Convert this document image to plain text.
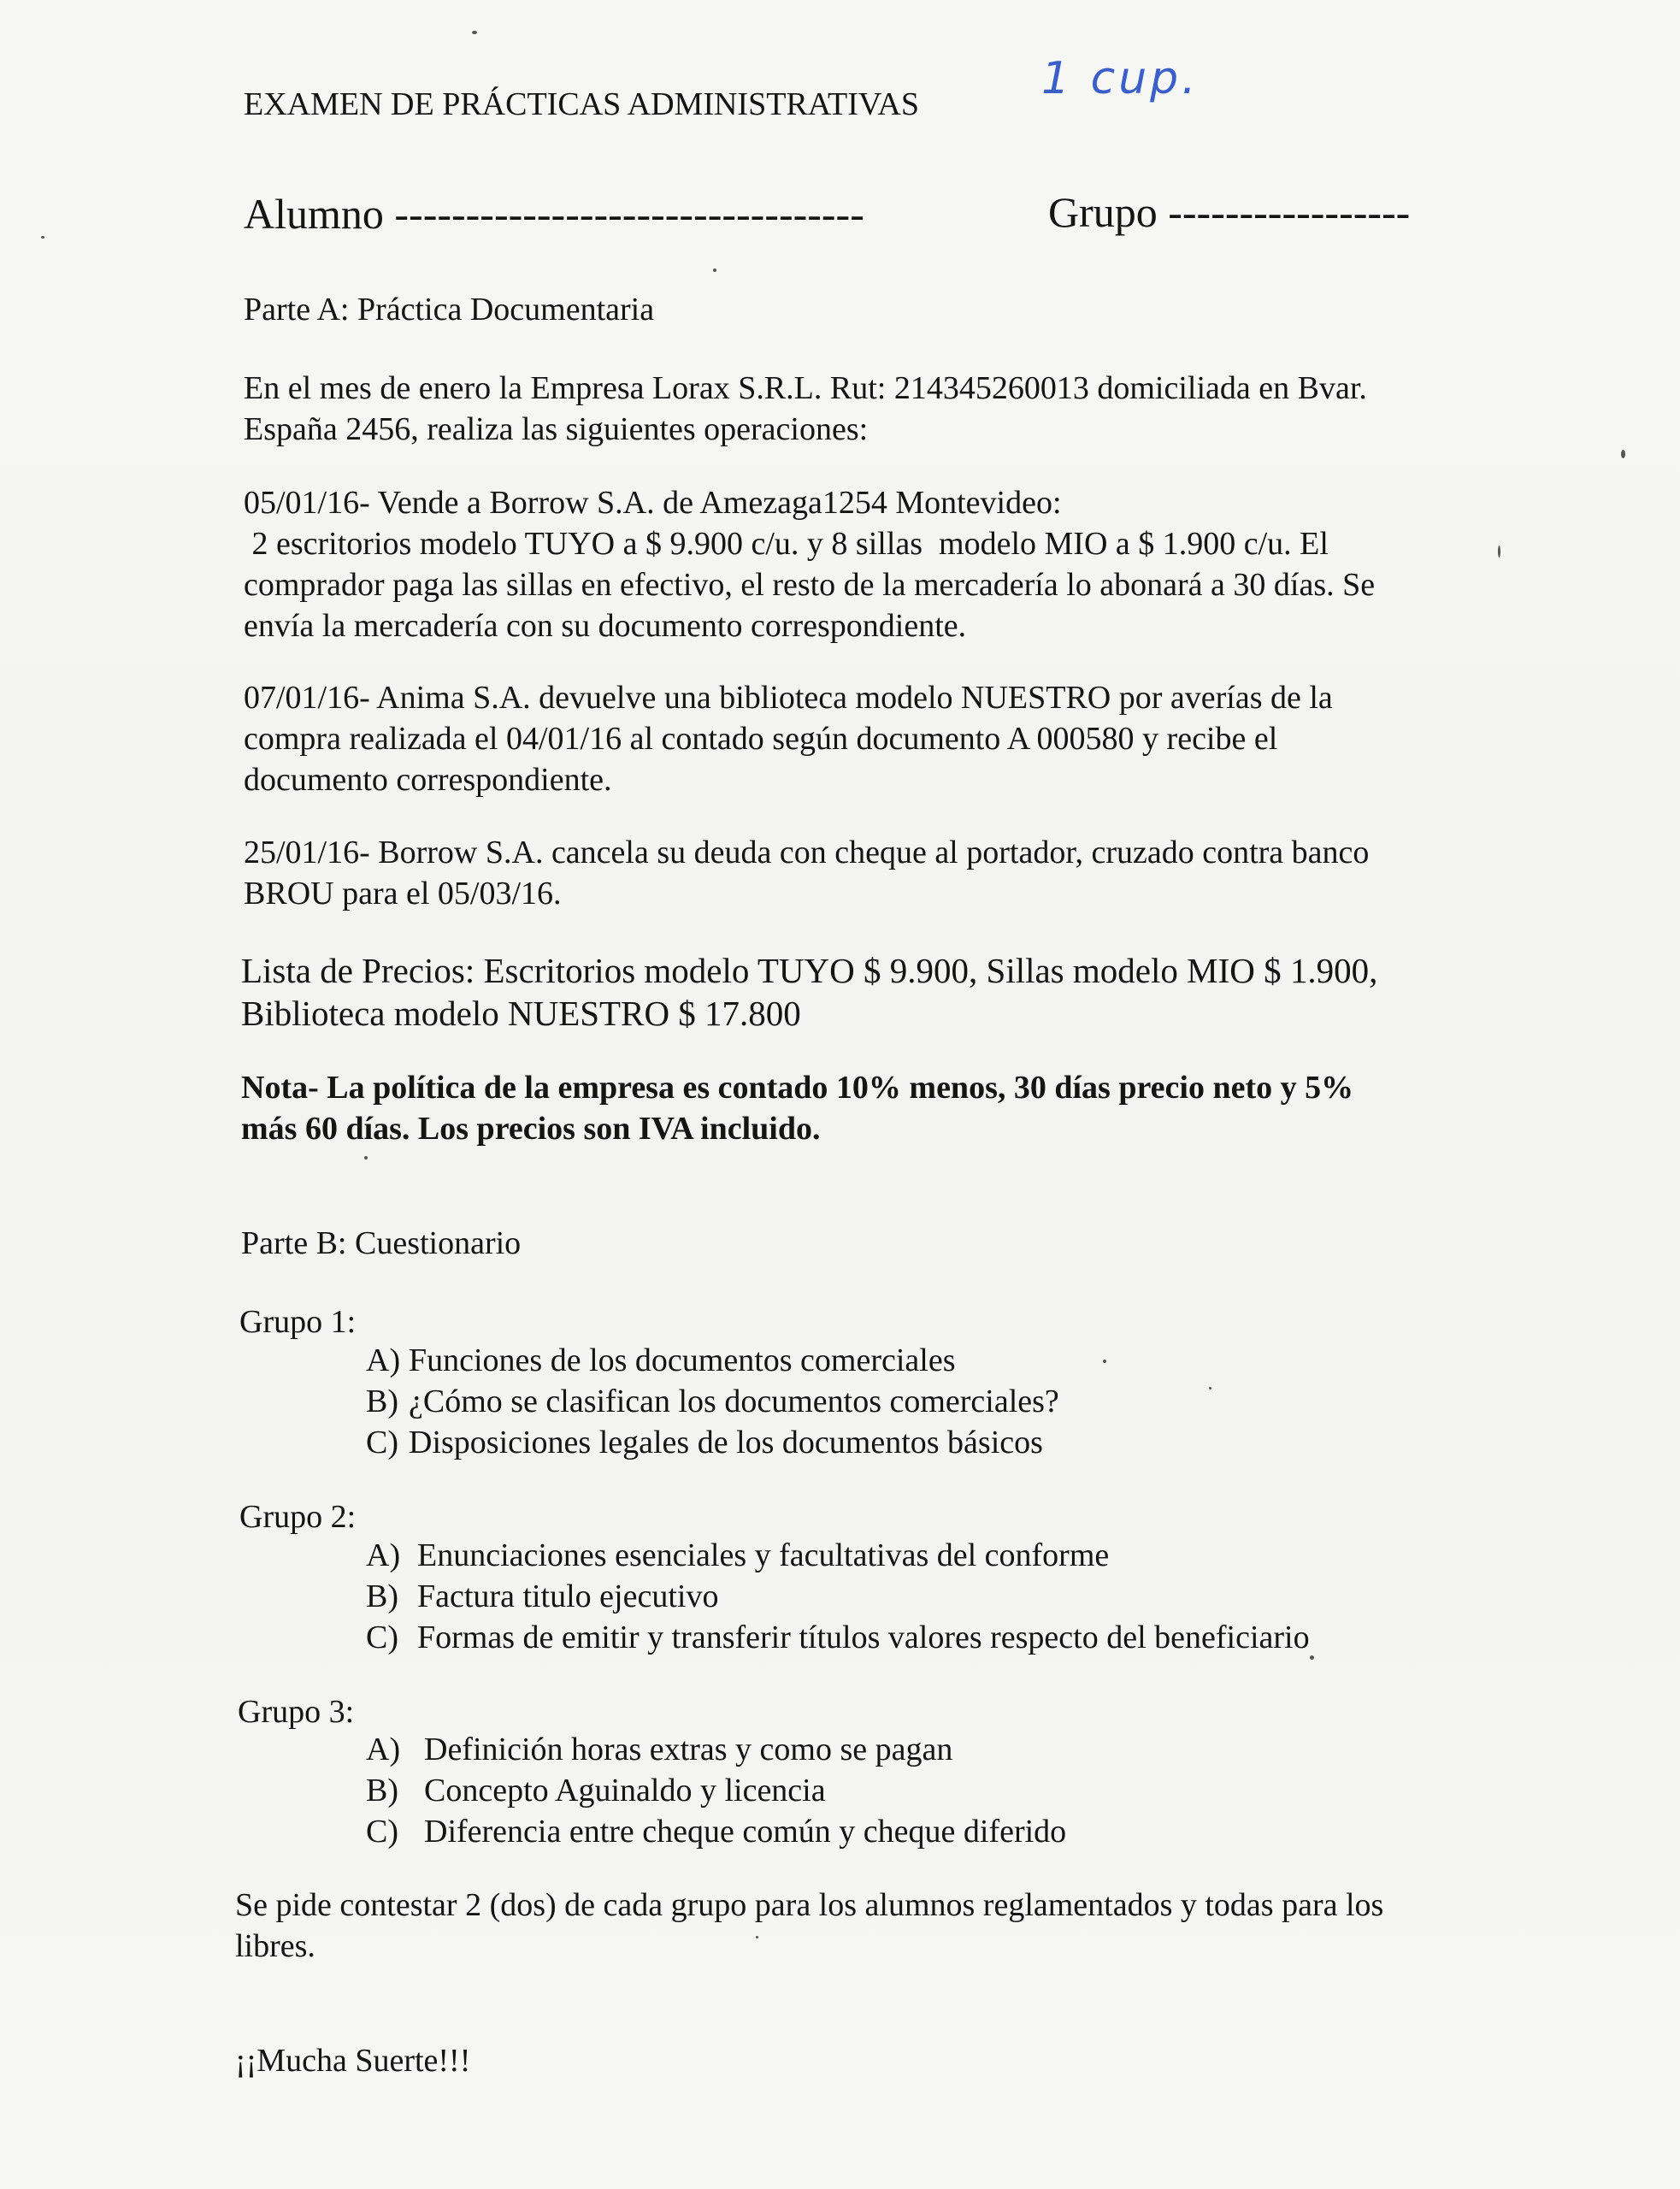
EXAMEN DE PRÁCTICAS ADMINISTRATIVAS	1 cup.
Alumno ---------------------------------	Grupo -----------------
Parte A: Práctica Documentaria
En el mes de enero la Empresa Lorax S.R.L. Rut: 214345260013 domiciliada en Bvar.
España 2456, realiza las siguientes operaciones:
05/01/16- Vende a Borrow S.A. de Amezaga1254 Montevideo:
2 escritorios modelo TUYO a $ 9.900 c/u. y 8 sillas  modelo MIO a $ 1.900 c/u. El
comprador paga las sillas en efectivo, el resto de la mercadería lo abonará a 30 días. Se
envía la mercadería con su documento correspondiente.
07/01/16- Anima S.A. devuelve una biblioteca modelo NUESTRO por averías de la
compra realizada el 04/01/16 al contado según documento A 000580 y recibe el
documento correspondiente.
25/01/16- Borrow S.A. cancela su deuda con cheque al portador, cruzado contra banco
BROU para el 05/03/16.
Lista de Precios: Escritorios modelo TUYO $ 9.900, Sillas modelo MIO $ 1.900,
Biblioteca modelo NUESTRO $ 17.800
Nota- La política de la empresa es contado 10% menos, 30 días precio neto y 5%
más 60 días. Los precios son IVA incluido.
Parte B: Cuestionario
Grupo 1:
A) Funciones de los documentos comerciales
B) ¿Cómo se clasifican los documentos comerciales?
C) Disposiciones legales de los documentos básicos
Grupo 2:
A) Enunciaciones esenciales y facultativas del conforme
B) Factura titulo ejecutivo
C) Formas de emitir y transferir títulos valores respecto del beneficiario
Grupo 3:
A) Definición horas extras y como se pagan
B) Concepto Aguinaldo y licencia
C) Diferencia entre cheque común y cheque diferido
Se pide contestar 2 (dos) de cada grupo para los alumnos reglamentados y todas para los
libres.
¡¡Mucha Suerte!!!
